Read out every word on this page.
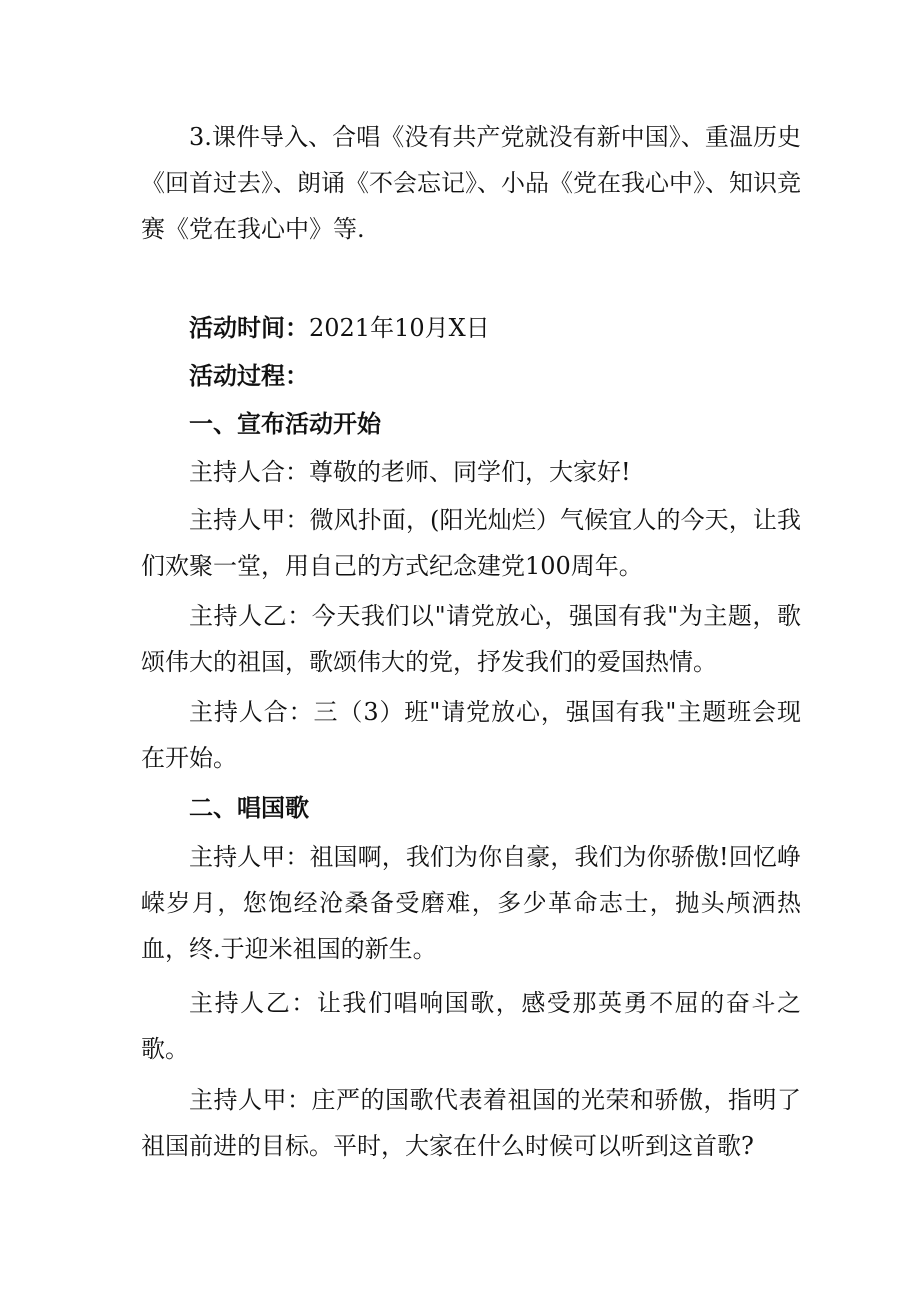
3.课件导入、合唱《没有共产党就没有新中国》、重温历史 《回首过去》、朗诵《不会忘记》、小品《党在我心中》、知识竞赛《党在我心中》等.

活动时间：2021年10月X日
活动过程：
一、宣布活动开始
主持人合：尊敬的老师、同学们，大家好!

主持人甲：微风扑面，(阳光灿烂）气候宜人的今天，让我们欢聚一堂，用自己的方式纪念建党100周年。

主持人乙：今天我们以"请党放心，强国有我"为主题，歌颂伟大的祖国，歌颂伟大的党，抒发我们的爱国热情。

主持人合：三（3）班"请党放心，强国有我"主题班会现在开始。

二、唱国歌

主持人甲：祖国啊，我们为你自豪，我们为你骄傲!回忆峥嵘岁月，您饱经沧桑备受磨难，多少革命志士，抛头颅洒热血，终.于迎米祖国的新生。

主持人乙：让我们唱响国歌，感受那英勇不屈的奋斗之歌。

主持人甲：庄严的国歌代表着祖国的光荣和骄傲，指明了祖国前进的目标。平时，大家在什么时候可以听到这首歌?
